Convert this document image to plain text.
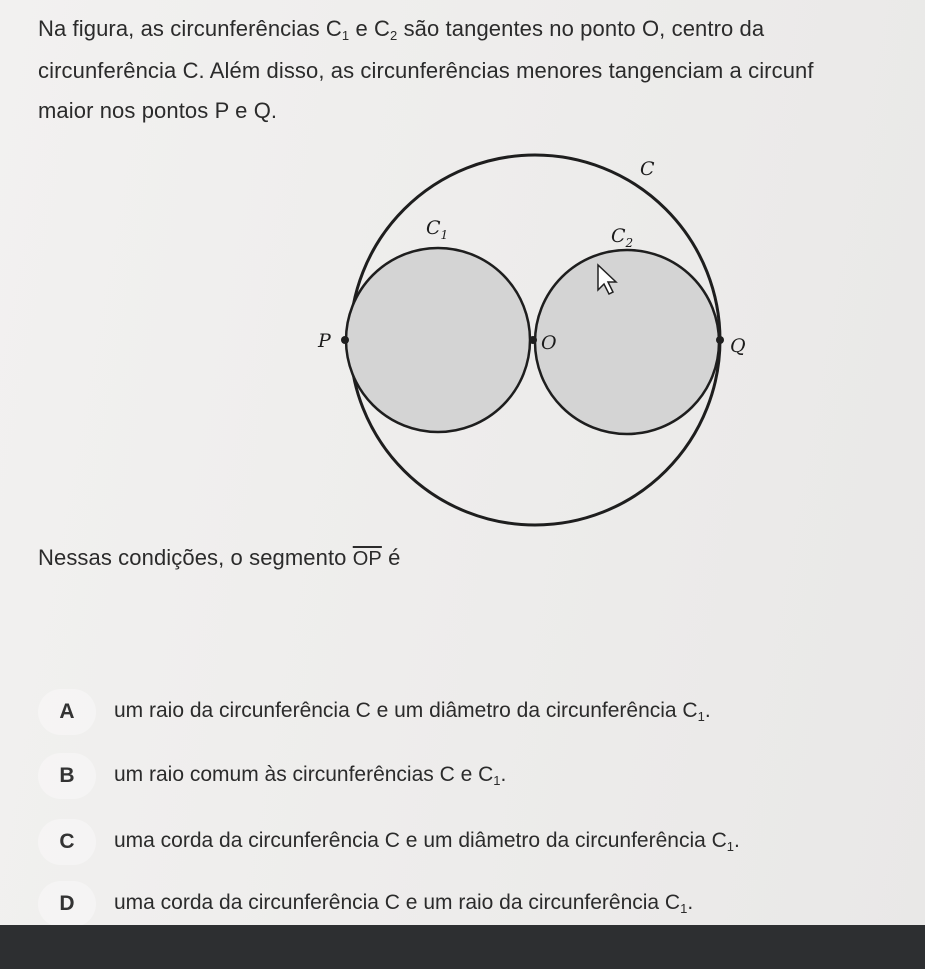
Na figura, as circunferências $C_1$ e $C_2$ são tangentes no ponto O, centro da
circunferência C. Além disso, as circunferências menores tangenciam a circunf
maior nos pontos P e Q.
C
$C_1$	$C_2$
P	O	Q
Nessas condições, o segmento $\overline{OP}$ é
A	um raio da circunferência C e um diâmetro da circunferência $C_1$.
B	um raio comum às circunferências C e $C_1$.
C	uma corda da circunferência C e um diâmetro da circunferência $C_1$.
D	uma corda da circunferência C e um raio da circunferência $C_1$.
